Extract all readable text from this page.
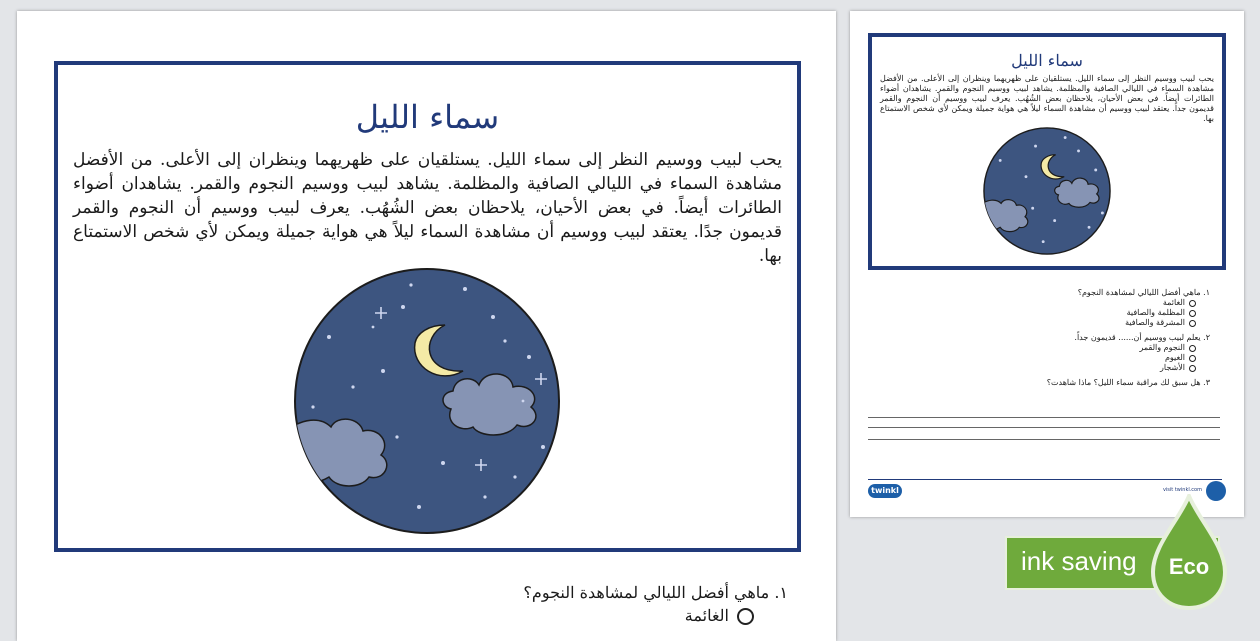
سماء الليل

يحب لبيب ووسيم النظر إلى سماء الليل. يستلقيان على ظهريهما وينظران إلى الأعلى. من الأفضل مشاهدة السماء في الليالي الصافية والمظلمة. يشاهد لبيب ووسيم النجوم والقمر. يشاهدان أضواء الطائرات أيضاً. في بعض الأحيان، يلاحظان بعض الشُهُب. يعرف لبيب ووسيم أن النجوم والقمر قديمون جدًا. يعتقد لبيب ووسيم أن مشاهدة السماء ليلاً هي هواية جميلة ويمكن لأي شخص الاستمتاع بها.

١. ماهي أفضل الليالي لمشاهدة النجوم؟
الغائمة
سماء الليل

يحب لبيب ووسيم النظر إلى سماء الليل. يستلقيان على ظهريهما وينظران إلى الأعلى. من الأفضل مشاهدة السماء في الليالي الصافية والمظلمة. يشاهد لبيب ووسيم النجوم والقمر. يشاهدان أضواء الطائرات أيضاً. في بعض الأحيان، يلاحظان بعض الشُهُب. يعرف لبيب ووسيم أن النجوم والقمر قديمون جداً. يعتقد لبيب ووسيم أن مشاهدة السماء ليلاً هي هواية جميلة ويمكن لأي شخص الاستمتاع بها.

١. ماهي أفضل الليالي لمشاهدة النجوم؟
الغائمة
المظلمة والصافية
المشرقة والصافية
٢. يعلم لبيب ووسيم أن...... قديمون جداً.
النجوم والقمر
الغيوم
الأشجار
٣. هل سبق لك مراقبة سماء الليل؟ ماذا شاهدت؟
twinkl	visit twinkl.com
ink saving Eco
